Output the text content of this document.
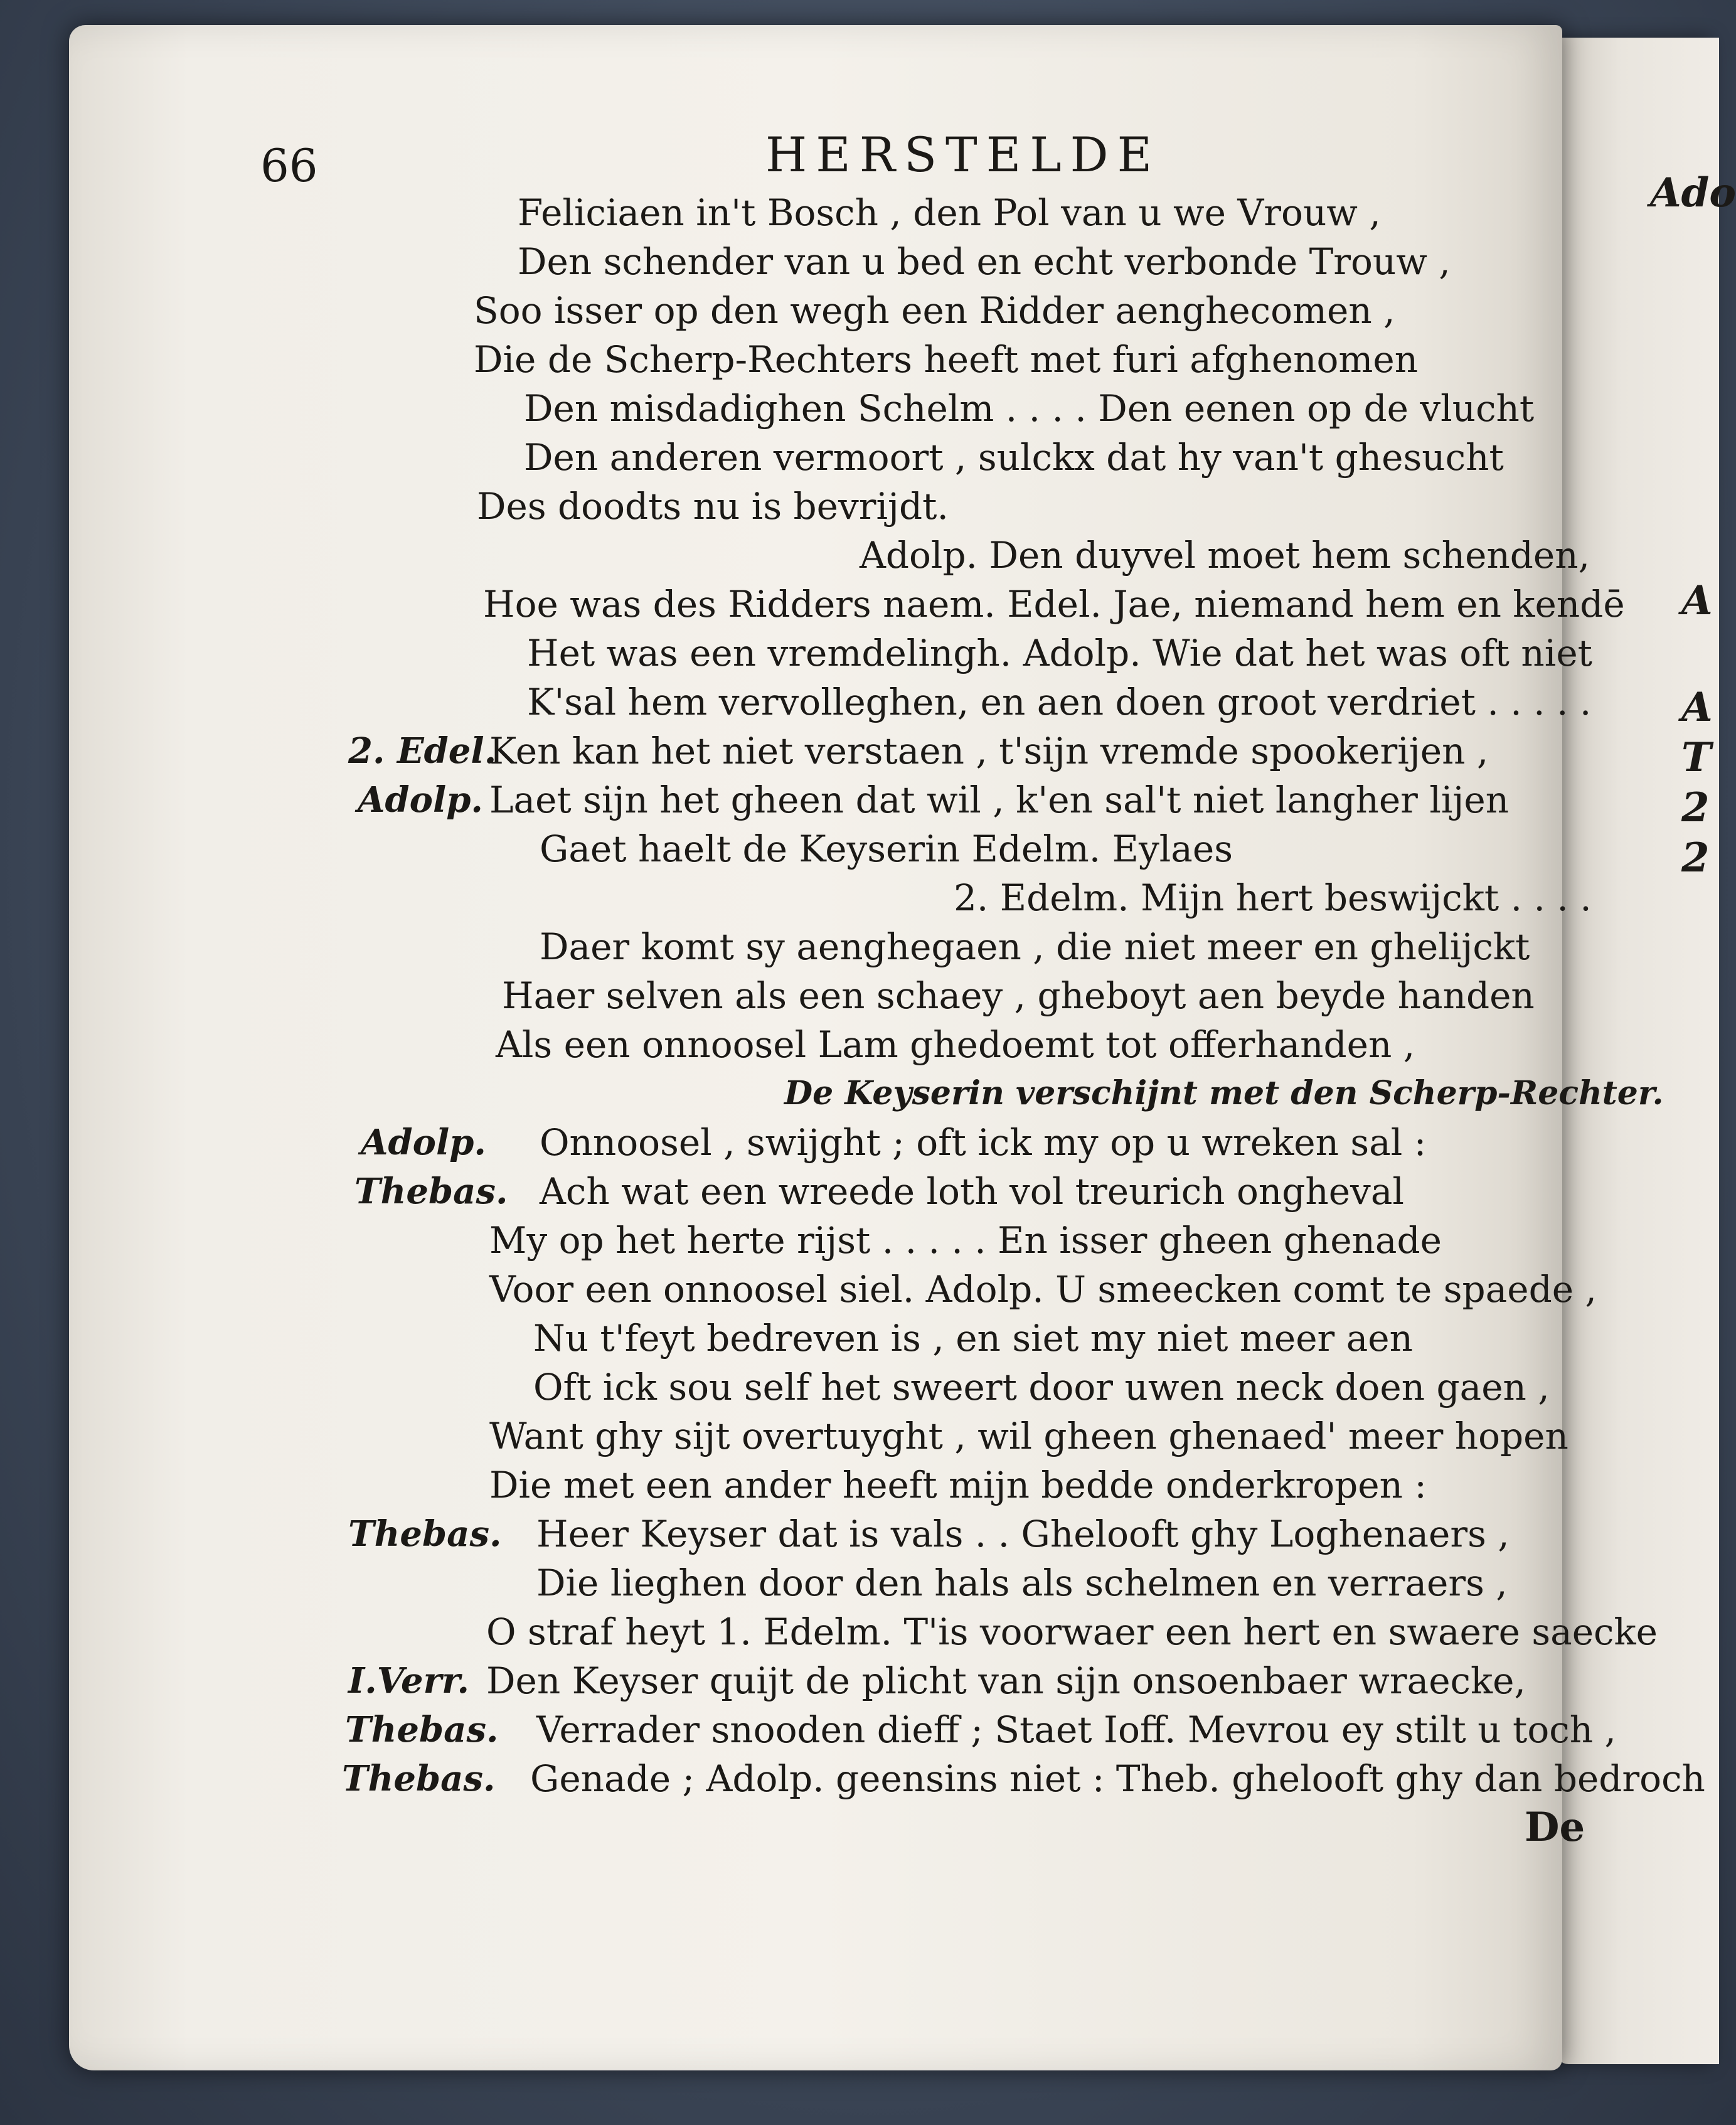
Ado
A
A
T
2
2
66	HERSTELDE
Feliciaen in't Bosch , den Pol van u we Vrouw ,
Den schender van u bed en echt verbonde Trouw ,
Soo isser op den wegh een Ridder aenghecomen ,
Die de Scherp-Rechters heeft met furi afghenomen
Den misdadighen Schelm . . . . Den eenen op de vlucht
Den anderen vermoort , sulckx dat hy van't ghesucht
Des doodts nu is bevrijdt.
Adolp. Den duyvel moet hem schenden,
Hoe was des Ridders naem. Edel. Jae, niemand hem en kendē
Het was een vremdelingh. Adolp. Wie dat het was oft niet
K'sal hem vervolleghen, en aen doen groot verdriet . . . . .
Ken kan het niet verstaen , t'sijn vremde spookerijen ,
Laet sijn het gheen dat wil , k'en sal't niet langher lijen
Gaet haelt de Keyserin Edelm. Eylaes
2. Edelm. Mijn hert beswijckt . . . .
Daer komt sy aenghegaen , die niet meer en ghelijckt
Haer selven als een schaey , gheboyt aen beyde handen
Als een onnoosel Lam ghedoemt tot offerhanden ,
De Keyserin verschijnt met den Scherp-Rechter.
Onnoosel , swijght ; oft ick my op u wreken sal :
Ach wat een wreede loth vol treurich ongheval
My op het herte rijst . . . . . En isser gheen ghenade
Voor een onnoosel siel. Adolp. U smeecken comt te spaede ,
Nu t'feyt bedreven is , en siet my niet meer aen
Oft ick sou self het sweert door uwen neck doen gaen ,
Want ghy sijt overtuyght , wil gheen ghenaed' meer hopen
Die met een ander heeft mijn bedde onderkropen :
Heer Keyser dat is vals . . Ghelooft ghy Loghenaers ,
Die lieghen door den hals als schelmen en verraers ,
O straf heyt 1. Edelm. T'is voorwaer een hert en swaere saecke
Den Keyser quijt de plicht van sijn onsoenbaer wraecke,
Verrader snooden dieff ; Staet Ioff. Mevrou ey stilt u toch ,
Genade ; Adolp. geensins niet : Theb. ghelooft ghy dan bedroch
2. Edel.
Adolp.
Adolp.
Thebas.
Thebas.
I.Verr.
Thebas.
Thebas.
De
